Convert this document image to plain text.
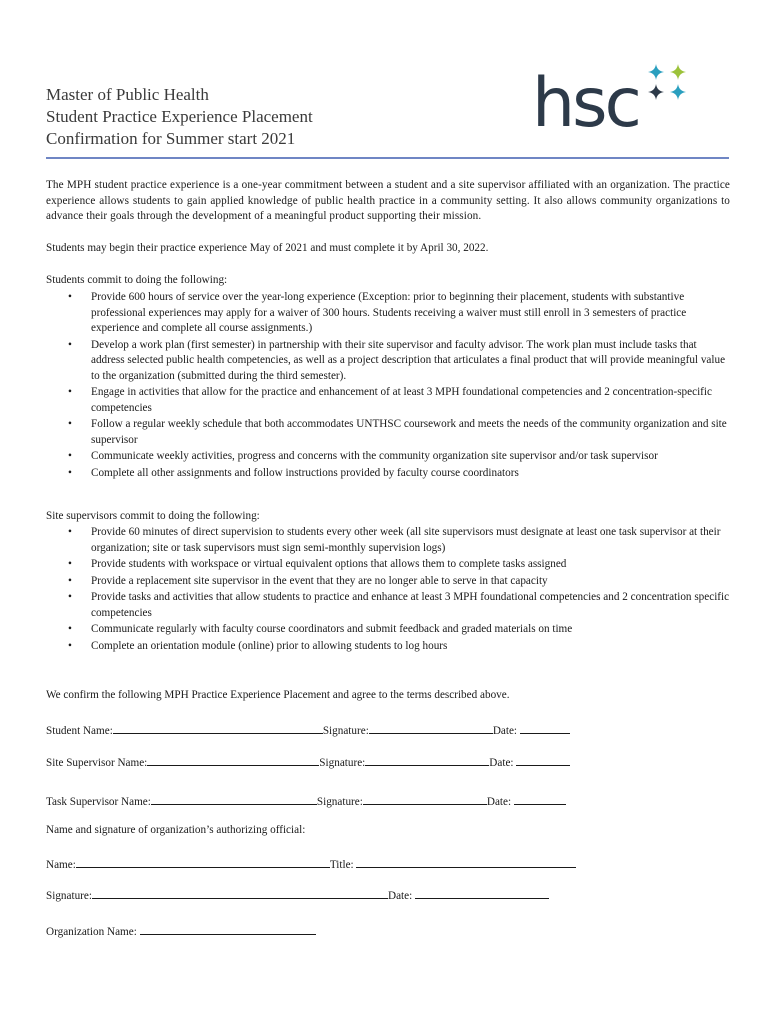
Master of Public Health
Student Practice Experience Placement
Confirmation for Summer start 2021	hsc
The MPH student practice experience is a one-year commitment between a student and a site supervisor affiliated with an organization. The practice experience allows students to gain applied knowledge of public health practice in a community setting. It also allows community organizations to advance their goals through the development of a meaningful product supporting their mission.
Students may begin their practice experience May of 2021 and must complete it by April 30, 2022.
Students commit to doing the following:
• Provide 600 hours of service over the year-long experience (Exception: prior to beginning their placement, students with substantive professional experiences may apply for a waiver of 300 hours. Students receiving a waiver must still enroll in 3 semesters of practice experience and complete all course assignments.)
• Develop a work plan (first semester) in partnership with their site supervisor and faculty advisor. The work plan must include tasks that address selected public health competencies, as well as a project description that articulates a final product that will provide meaningful value to the organization (submitted during the third semester).
• Engage in activities that allow for the practice and enhancement of at least 3 MPH foundational competencies and 2 concentration-specific competencies
• Follow a regular weekly schedule that both accommodates UNTHSC coursework and meets the needs of the community organization and site supervisor
• Communicate weekly activities, progress and concerns with the community organization site supervisor and/or task supervisor
• Complete all other assignments and follow instructions provided by faculty course coordinators
Site supervisors commit to doing the following:
• Provide 60 minutes of direct supervision to students every other week (all site supervisors must designate at least one task supervisor at their organization; site or task supervisors must sign semi-monthly supervision logs)
• Provide students with workspace or virtual equivalent options that allows them to complete tasks assigned
• Provide a replacement site supervisor in the event that they are no longer able to serve in that capacity
• Provide tasks and activities that allow students to practice and enhance at least 3 MPH foundational competencies and 2 concentration specific competencies
• Communicate regularly with faculty course coordinators and submit feedback and graded materials on time
• Complete an orientation module (online) prior to allowing students to log hours
We confirm the following MPH Practice Experience Placement and agree to the terms described above.
Student Name:	Signature:	Date:
Site Supervisor Name:	Signature:	Date:
Task Supervisor Name:	Signature:	Date:
Name and signature of organization’s authorizing official:
Name:	Title:
Signature:	Date:
Organization Name:
